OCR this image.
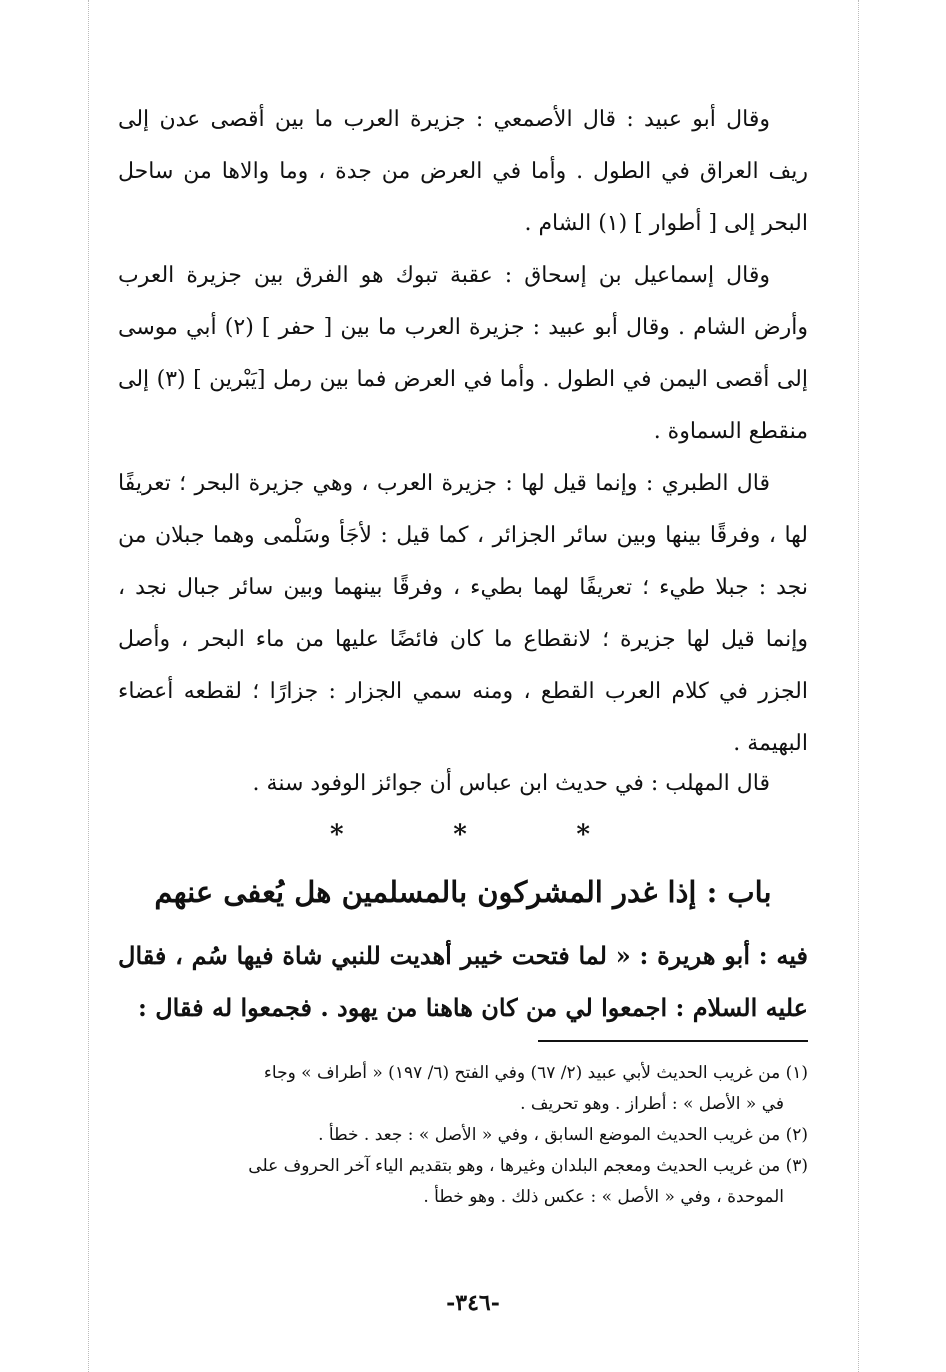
وقال أبو عبيد : قال الأصمعي : جزيرة العرب ما بين أقصى عدن إلى ريف العراق في الطول . وأما في العرض من جدة ، وما والاها من ساحل البحر إلى [ أطوار ] (١) الشام .

وقال إسماعيل بن إسحاق : عقبة تبوك هو الفرق بين جزيرة العرب وأرض الشام . وقال أبو عبيد : جزيرة العرب ما بين [ حفر ] (٢) أبي موسى إلى أقصى اليمن في الطول . وأما في العرض فما بين رمل [يَبْرين ] (٣) إلى منقطع السماوة .

قال الطبري : وإنما قيل لها : جزيرة العرب ، وهي جزيرة البحر ؛ تعريفًا لها ، وفرقًا بينها وبين سائر الجزائر ، كما قيل : لأجَأ وسَلْمى وهما جبلان من نجد : جبلا طيء ؛ تعريفًا لهما بطيء ، وفرقًا بينهما وبين سائر جبال نجد ، وإنما قيل لها جزيرة ؛ لانقطاع ما كان فائضًا عليها من ماء البحر ، وأصل الجزر في كلام العرب القطع ، ومنه سمي الجزار : جزارًا ؛ لقطعه أعضاء البهيمة .

قال المهلب : في حديث ابن عباس أن جوائز الوفود سنة .

*
*
*
باب : إذا غدر المشركون بالمسلمين هل يُعفى عنهم
فيه : أبو هريرة : « لما فتحت خيبر أهديت للنبي شاة فيها سُم ، فقال عليه السلام : اجمعوا لي من كان هاهنا من يهود . فجمعوا له فقال :

(١) من غريب الحديث لأبي عبيد (٢/ ٦٧) وفي الفتح (٦/ ١٩٧) « أطراف » وجاء

في « الأصل » : أطراز . وهو تحريف .

(٢) من غريب الحديث الموضع السابق ، وفي « الأصل » : جعد . خطأ .

(٣) من غريب الحديث ومعجم البلدان وغيرها ، وهو بتقديم الياء آخر الحروف على

الموحدة ، وفي « الأصل » : عكس ذلك . وهو خطأ .

-٣٤٦-
